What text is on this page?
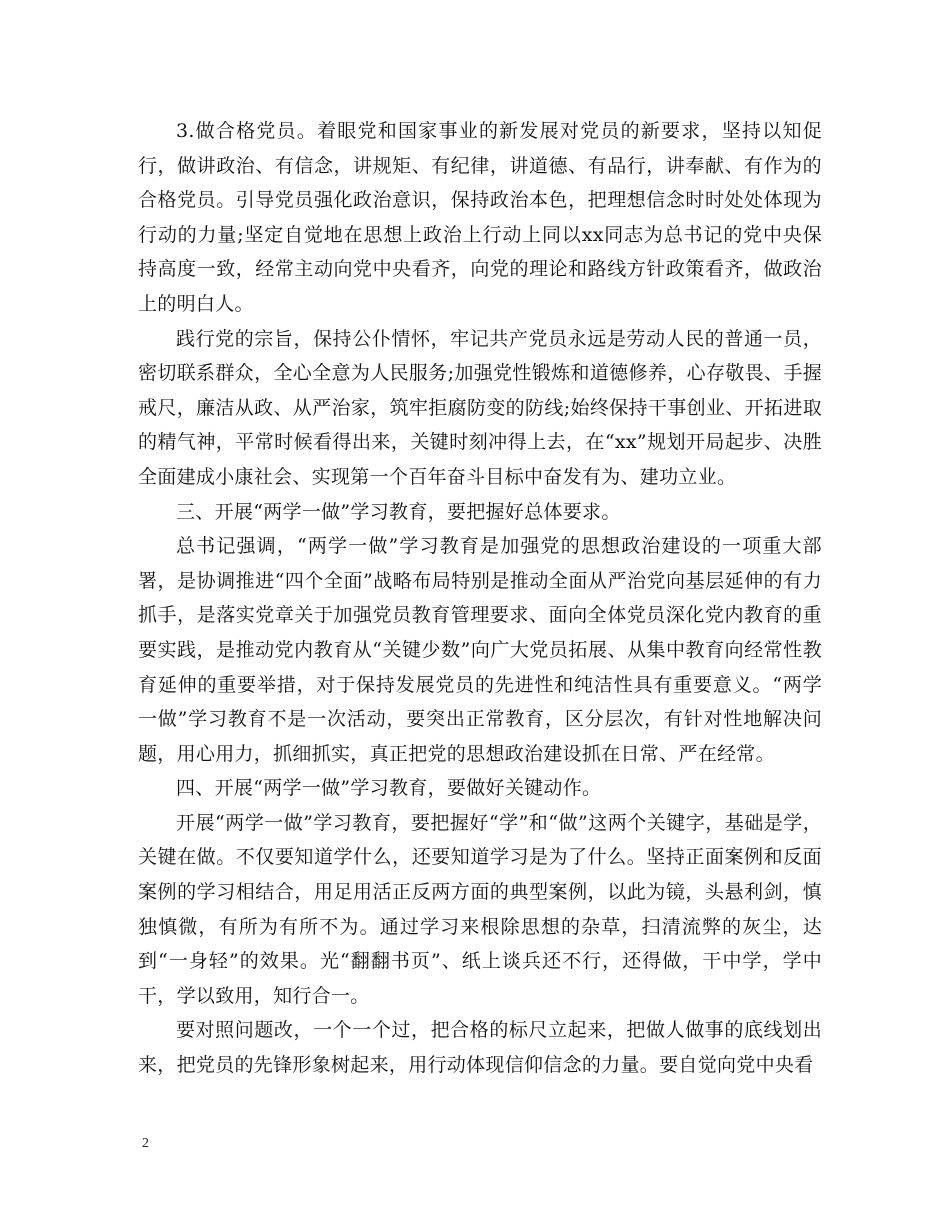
3.做合格党员。着眼党和国家事业的新发展对党员的新要求，坚持以知促行，做讲政治、有信念，讲规矩、有纪律，讲道德、有品行，讲奉献、有作为的合格党员。引导党员强化政治意识，保持政治本色，把理想信念时时处处体现为行动的力量;坚定自觉地在思想上政治上行动上同以xx同志为总书记的党中央保持高度一致，经常主动向党中央看齐，向党的理论和路线方针政策看齐，做政治上的明白人。

践行党的宗旨，保持公仆情怀，牢记共产党员永远是劳动人民的普通一员，密切联系群众，全心全意为人民服务;加强党性锻炼和道德修养，心存敬畏、手握戒尺，廉洁从政、从严治家，筑牢拒腐防变的防线;始终保持干事创业、开拓进取的精气神，平常时候看得出来，关键时刻冲得上去，在“xx”规划开局起步、决胜全面建成小康社会、实现第一个百年奋斗目标中奋发有为、建功立业。

三、开展“两学一做”学习教育，要把握好总体要求。

总书记强调，“两学一做”学习教育是加强党的思想政治建设的一项重大部署，是协调推进“四个全面”战略布局特别是推动全面从严治党向基层延伸的有力抓手，是落实党章关于加强党员教育管理要求、面向全体党员深化党内教育的重要实践，是推动党内教育从“关键少数”向广大党员拓展、从集中教育向经常性教育延伸的重要举措，对于保持发展党员的先进性和纯洁性具有重要意义。“两学一做”学习教育不是一次活动，要突出正常教育，区分层次，有针对性地解决问题，用心用力，抓细抓实，真正把党的思想政治建设抓在日常、严在经常。

四、开展“两学一做”学习教育，要做好关键动作。

开展“两学一做”学习教育，要把握好“学”和“做”这两个关键字，基础是学，关键在做。不仅要知道学什么，还要知道学习是为了什么。坚持正面案例和反面案例的学习相结合，用足用活正反两方面的典型案例，以此为镜，头悬利剑，慎独慎微，有所为有所不为。通过学习来根除思想的杂草，扫清流弊的灰尘，达到“一身轻”的效果。光“翻翻书页”、纸上谈兵还不行，还得做，干中学，学中干，学以致用，知行合一。

要对照问题改，一个一个过，把合格的标尺立起来，把做人做事的底线划出来，把党员的先锋形象树起来，用行动体现信仰信念的力量。要自觉向党中央看

2
